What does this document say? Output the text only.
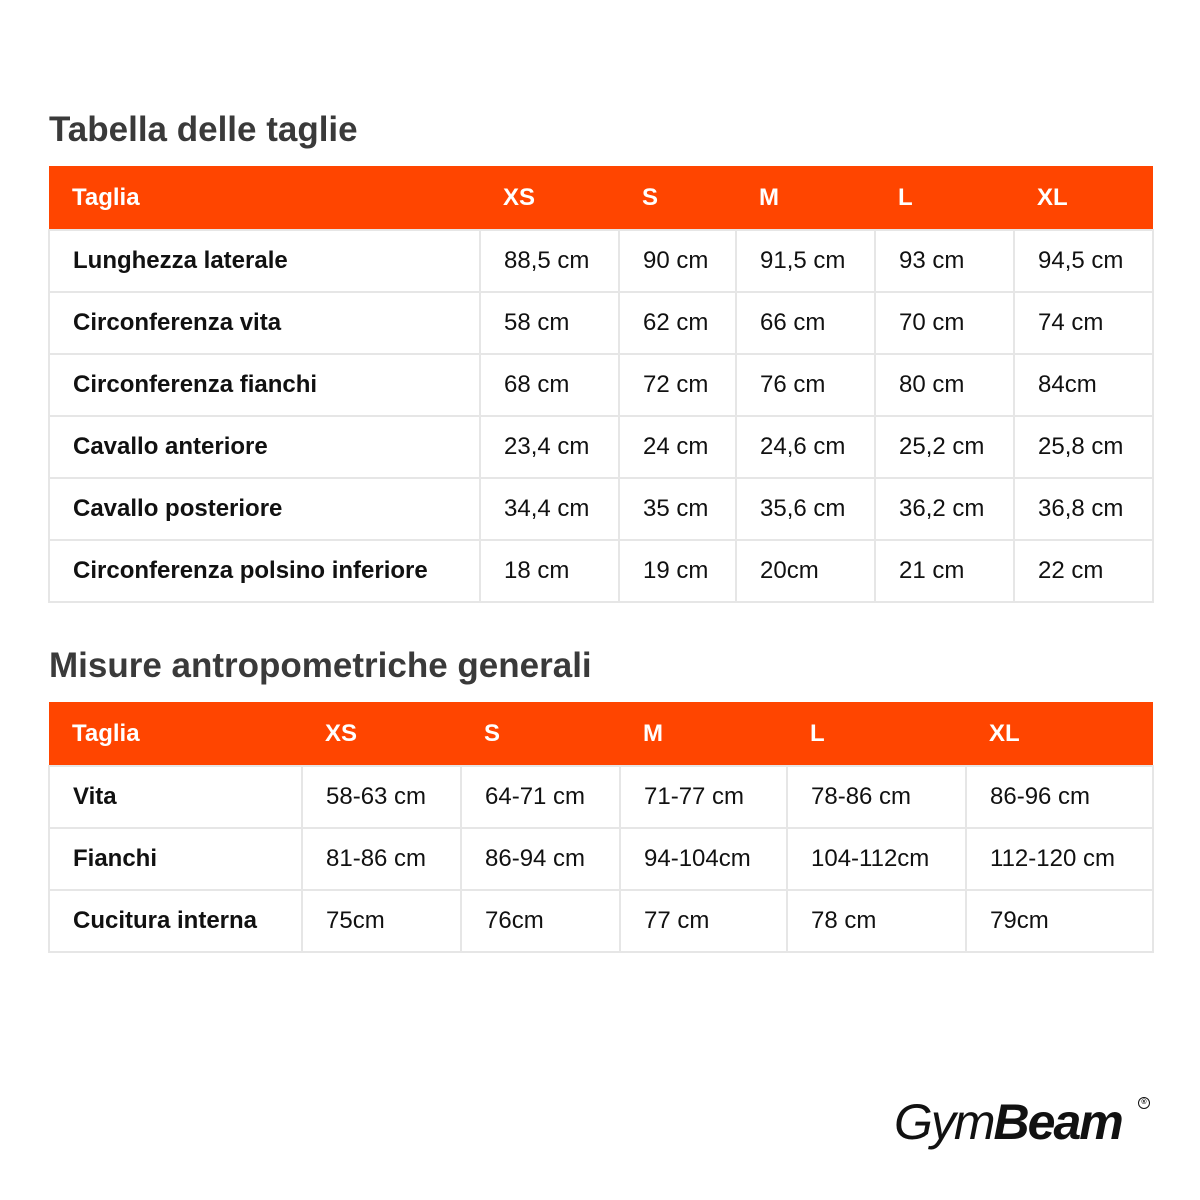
Tabella delle taglie
Taglia	XS	S	M	L	XL
Lunghezza laterale	88,5 cm	90 cm	91,5 cm	93 cm	94,5 cm
Circonferenza vita	58 cm	62 cm	66 cm	70 cm	74 cm
Circonferenza fianchi	68 cm	72 cm	76 cm	80 cm	84cm
Cavallo anteriore	23,4 cm	24 cm	24,6 cm	25,2 cm	25,8 cm
Cavallo posteriore	34,4 cm	35 cm	35,6 cm	36,2 cm	36,8 cm
Circonferenza polsino inferiore	18 cm	19 cm	20cm	21 cm	22 cm
Misure antropometriche generali
Taglia	XS	S	M	L	XL
Vita	58-63 cm	64-71 cm	71-77 cm	78-86 cm	86-96 cm
Fianchi	81-86 cm	86-94 cm	94-104cm	104-112cm	112-120 cm
Cucitura interna	75cm	76cm	77 cm	78 cm	79cm
GymBeam	®
